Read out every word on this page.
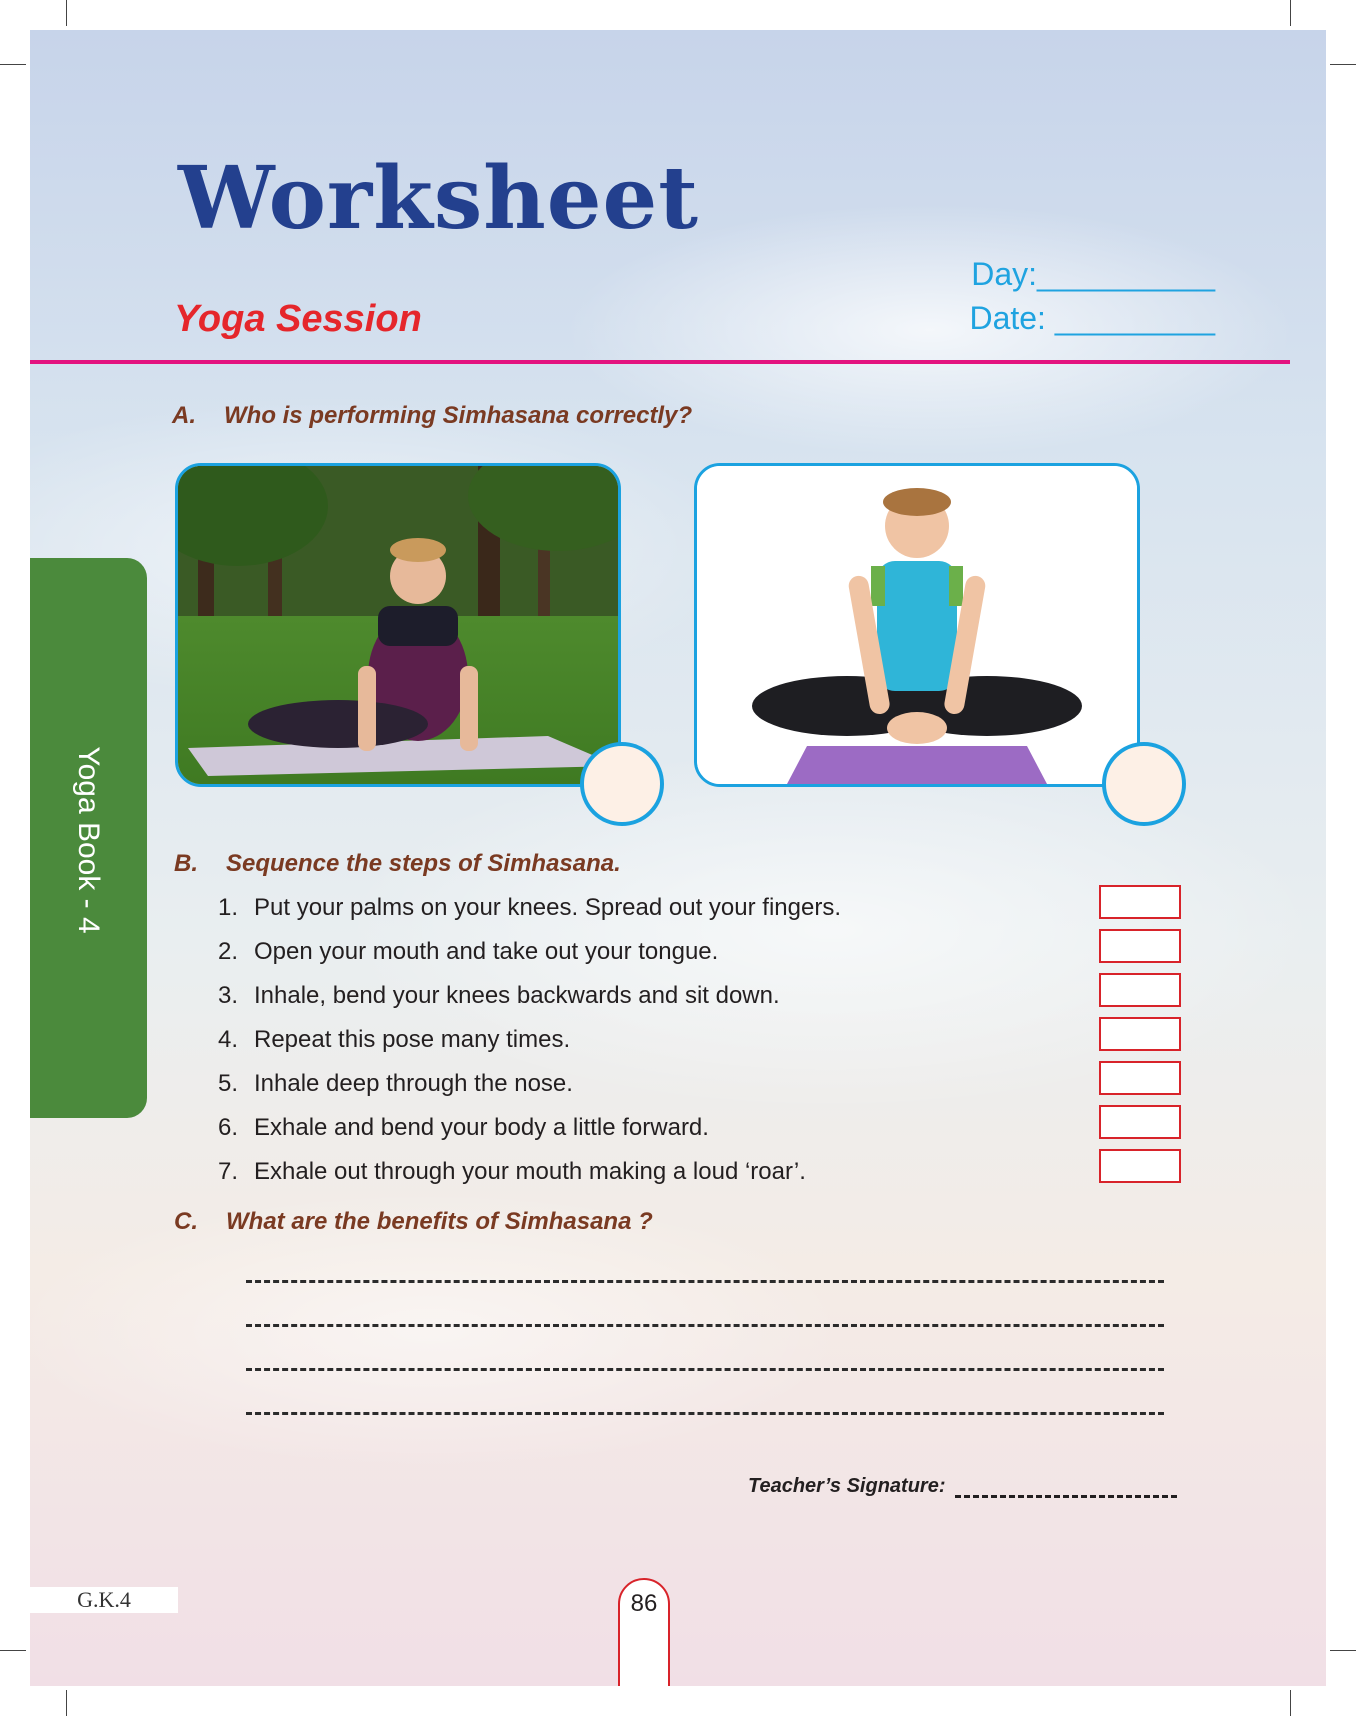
Worksheet
Yoga Session
Day:__________
Date: _________
Yoga Book - 4
A. Who is performing Simhasana correctly?
B. Sequence the steps of Simhasana.
1. Put your palms on your knees. Spread out your fingers.
2. Open your mouth and take out your tongue.
3. Inhale, bend your knees backwards and sit down.
4. Repeat this pose many times.
5. Inhale deep through the nose.
6. Exhale and bend your body a little forward.
7. Exhale out through your mouth making a loud ‘roar’.
C. What are the benefits of Simhasana ?
Teacher’s Signature:
G.K.4	86
